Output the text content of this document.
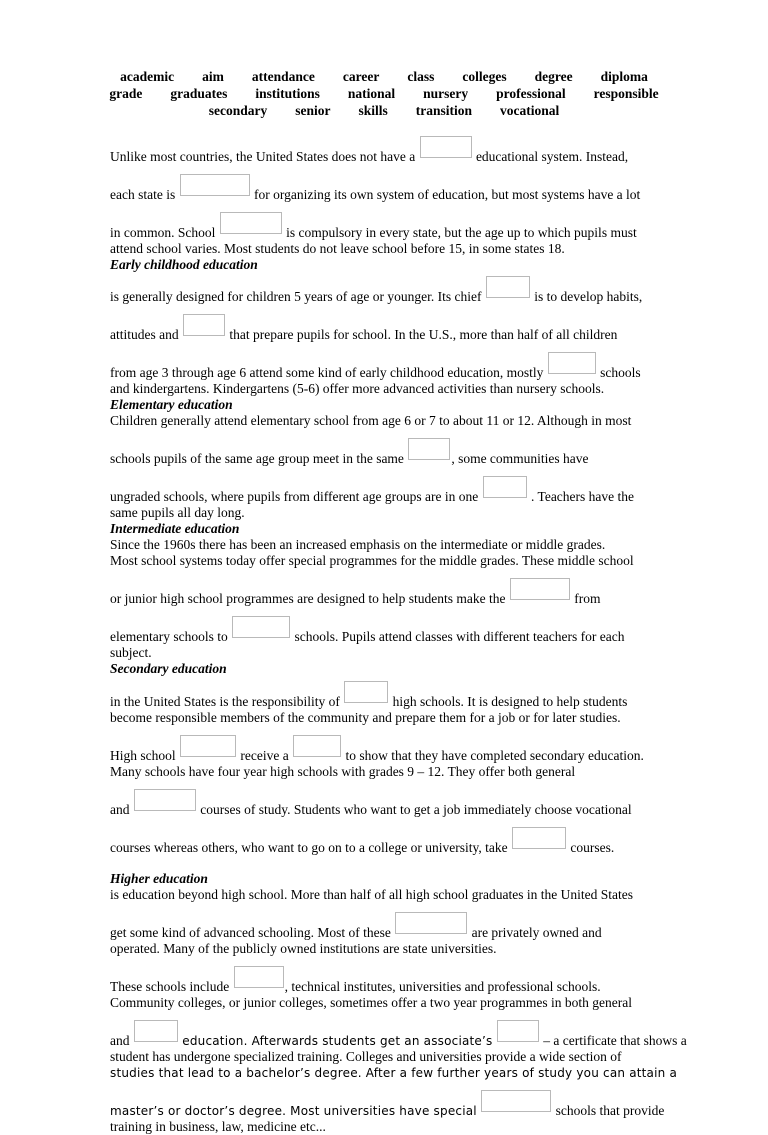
academic aim attendance career class colleges degree diploma
grade graduates institutions national nursery professional responsible
secondary senior skills transition vocational

Unlike most countries, the United States does not have a	educational system. Instead,
each state is	for organizing its own system of education, but most systems have a lot
in common. School	is compulsory in every state, but the age up to which pupils must
attend school varies. Most students do not leave school before 15, in some states 18.

Early childhood education

is generally designed for children 5 years of age or younger. Its chief	is to develop habits,
attitudes and	that prepare pupils for school. In the U.S., more than half of all children
from age 3 through age 6 attend some kind of early childhood education, mostly	schools
and kindergartens. Kindergartens (5-6) offer more advanced activities than nursery schools.

Elementary education

Children generally attend elementary school from age 6 or 7 to about 11 or 12. Although in most
schools pupils of the same age group meet in the same	, some communities have
ungraded schools, where pupils from different age groups are in one	. Teachers have the
same pupils all day long.

Intermediate education

Since the 1960s there has been an increased emphasis on the intermediate or middle grades.
Most school systems today offer special programmes for the middle grades. These middle school
or junior high school programmes are designed to help students make the	from
elementary schools to	schools. Pupils attend classes with different teachers for each
subject.

Secondary education

in the United States is the responsibility of	high schools. It is designed to help students
become responsible members of the community and prepare them for a job or for later studies.
High school	receive a	to show that they have completed secondary education.
Many schools have four year high schools with grades 9 – 12. They offer both general
and	courses of study. Students who want to get a job immediately choose vocational
courses whereas others, who want to go on to a college or university, take	courses.

Higher education

is education beyond high school. More than half of all high school graduates in the United States
get some kind of advanced schooling. Most of these	are privately owned and
operated. Many of the publicly owned institutions are state universities.
These schools include	, technical institutes, universities and professional schools.
Community colleges, or junior colleges, sometimes offer a two year programmes in both general
and	education. Afterwards students get an associate’s	– a certificate that shows a
student has undergone specialized training. Colleges and universities provide a wide section of
studies that lead to a bachelor’s degree. After a few further years of study you can attain a
master’s or doctor’s degree. Most universities have special	schools that provide
training in business, law, medicine etc...
